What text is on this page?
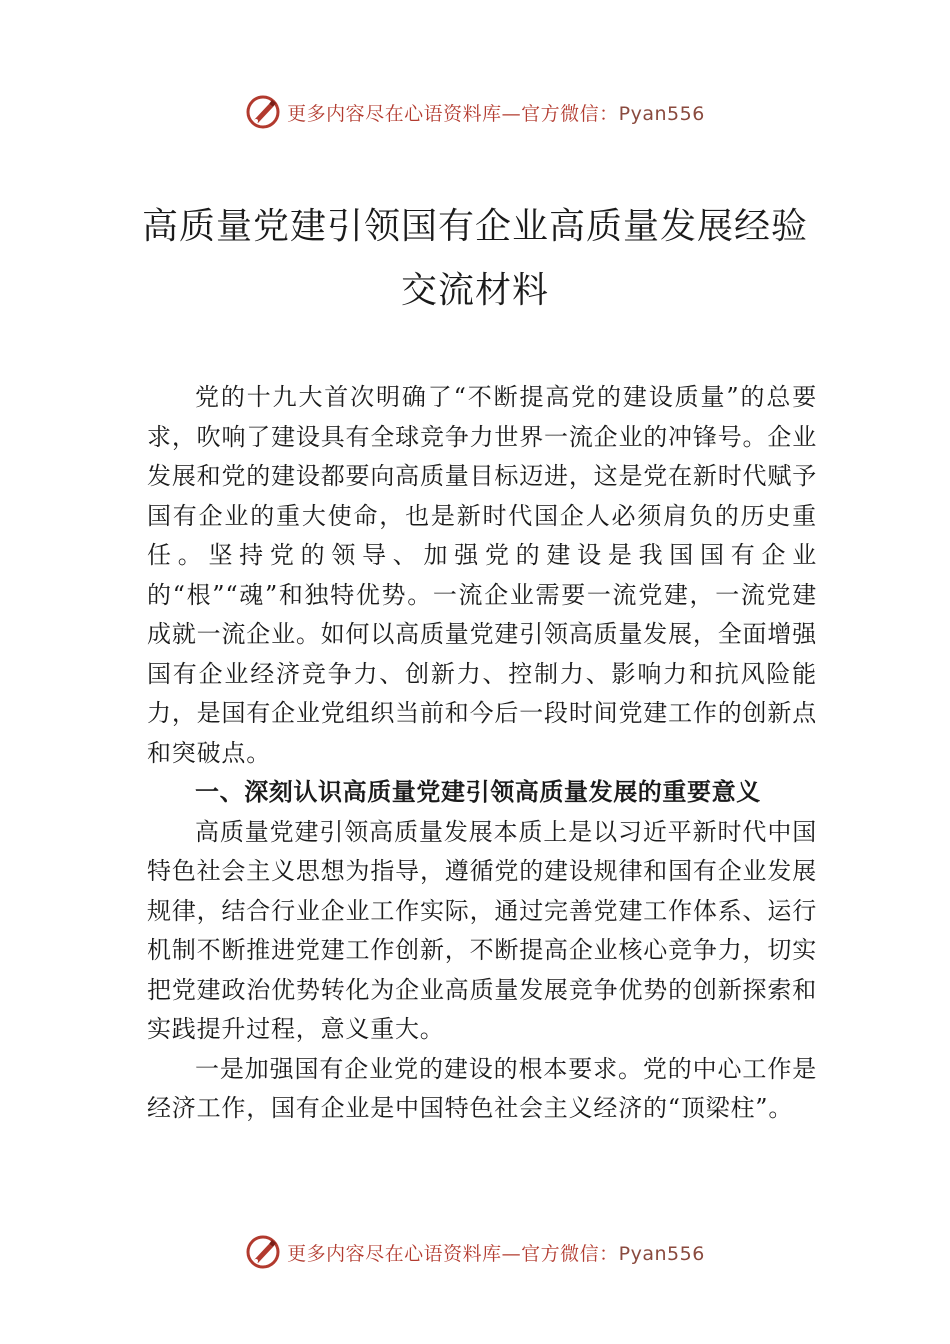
更多内容尽在心语资料库—官方微信：Pyan556
高质量党建引领国有企业高质量发展经验
交流材料

党的十九大首次明确了“不断提高党的建设质量”的总要求，吹响了建设具有全球竞争力世界一流企业的冲锋号。企业发展和党的建设都要向高质量目标迈进，这是党在新时代赋予国有企业的重大使命，也是新时代国企人必须肩负的历史重任。坚持党的领导、加强党的建设是我国国有企业的“根”“魂”和独特优势。一流企业需要一流党建，一流党建成就一流企业。如何以高质量党建引领高质量发展，全面增强国有企业经济竞争力、创新力、控制力、影响力和抗风险能力，是国有企业党组织当前和今后一段时间党建工作的创新点和突破点。

一、深刻认识高质量党建引领高质量发展的重要意义

高质量党建引领高质量发展本质上是以习近平新时代中国特色社会主义思想为指导，遵循党的建设规律和国有企业发展规律，结合行业企业工作实际，通过完善党建工作体系、运行机制不断推进党建工作创新，不断提高企业核心竞争力，切实把党建政治优势转化为企业高质量发展竞争优势的创新探索和实践提升过程，意义重大。

一是加强国有企业党的建设的根本要求。党的中心工作是经济工作，国有企业是中国特色社会主义经济的“顶梁柱”。

更多内容尽在心语资料库—官方微信：Pyan556
